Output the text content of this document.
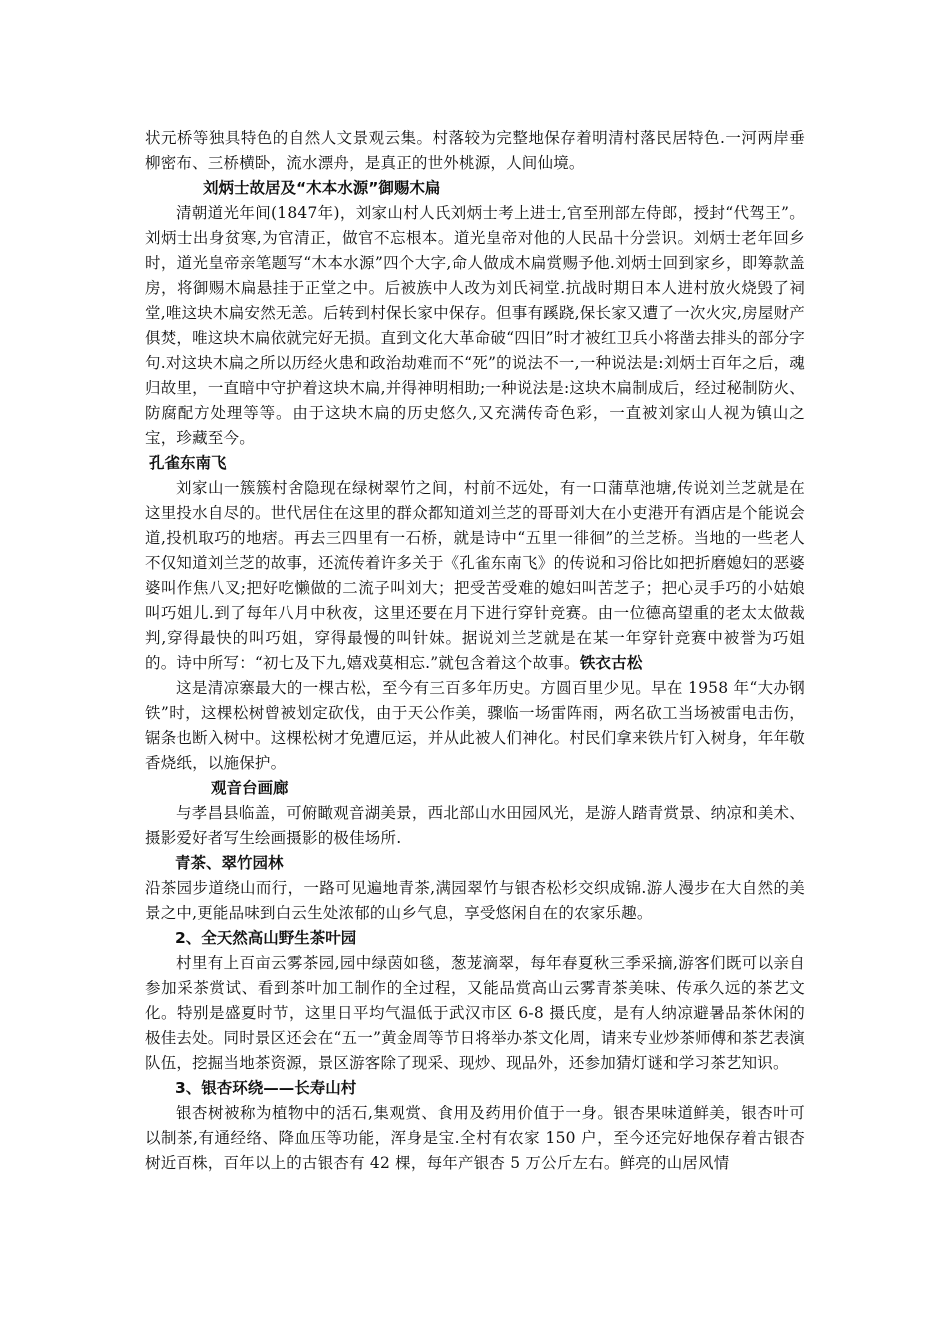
状元桥等独具特色的自然人文景观云集。村落较为完整地保存着明清村落民居特色.一河两岸垂柳密布、三桥横卧，流水漂舟，是真正的世外桃源，人间仙境。

刘炳士故居及“木本水源”御赐木扁

清朝道光年间(1847年)，刘家山村人氏刘炳士考上进士,官至刑部左侍郎，授封“代驾王”。刘炳士出身贫寒,为官清正，做官不忘根本。道光皇帝对他的人民品十分尝识。刘炳士老年回乡时，道光皇帝亲笔题写“木本水源”四个大字,命人做成木扁赏赐予他.刘炳士回到家乡，即筹款盖房，将御赐木扁悬挂于正堂之中。后被族中人改为刘氏祠堂.抗战时期日本人进村放火烧毁了祠堂,唯这块木扁安然无恙。后转到村保长家中保存。但事有蹊跷,保长家又遭了一次火灾,房屋财产俱焚，唯这块木扁依就完好无损。直到文化大革命破“四旧”时才被红卫兵小将凿去排头的部分字句.对这块木扁之所以历经火患和政治劫难而不“死”的说法不一,一种说法是:刘炳士百年之后，魂归故里，一直暗中守护着这块木扁,并得神明相助;一种说法是:这块木扁制成后，经过秘制防火、防腐配方处理等等。由于这块木扁的历史悠久,又充满传奇色彩，一直被刘家山人视为镇山之宝，珍藏至今。

孔雀东南飞

刘家山一簇簇村舍隐现在绿树翠竹之间，村前不远处，有一口蒲草池塘,传说刘兰芝就是在这里投水自尽的。世代居住在这里的群众都知道刘兰芝的哥哥刘大在小吏港开有酒店是个能说会道,投机取巧的地痞。再去三四里有一石桥，就是诗中“五里一徘徊”的兰芝桥。当地的一些老人不仅知道刘兰芝的故事，还流传着许多关于《孔雀东南飞》的传说和习俗比如把折磨媳妇的恶婆婆叫作焦八叉;把好吃懒做的二流子叫刘大；把受苦受难的媳妇叫苦芝子；把心灵手巧的小姑娘叫巧姐儿.到了每年八月中秋夜，这里还要在月下进行穿针竞赛。由一位德高望重的老太太做裁判,穿得最快的叫巧姐，穿得最慢的叫针妹。据说刘兰芝就是在某一年穿针竞赛中被誉为巧姐的。诗中所写：“初七及下九,嬉戏莫相忘.”就包含着这个故事。铁衣古松

这是清凉寨最大的一棵古松，至今有三百多年历史。方圆百里少见。早在 1958 年“大办钢铁”时，这棵松树曾被划定砍伐，由于天公作美，骤临一场雷阵雨，两名砍工当场被雷电击伤，锯条也断入树中。这棵松树才免遭厄运，并从此被人们神化。村民们拿来铁片钉入树身，年年敬香烧纸，以施保护。

观音台画廊

与孝昌县临盖，可俯瞰观音湖美景，西北部山水田园风光，是游人踏青赏景、纳凉和美术、摄影爱好者写生绘画摄影的极佳场所.

青茶、翠竹园林

沿茶园步道绕山而行，一路可见遍地青茶,满园翠竹与银杏松杉交织成锦.游人漫步在大自然的美景之中,更能品味到白云生处浓郁的山乡气息，享受悠闲自在的农家乐趣。

2、全天然高山野生茶叶园

村里有上百亩云雾茶园,园中绿茵如毯，葱茏滴翠，每年春夏秋三季采摘,游客们既可以亲自参加采茶赏试、看到茶叶加工制作的全过程，又能品赏高山云雾青茶美味、传承久远的茶艺文化。特别是盛夏时节，这里日平均气温低于武汉市区 6-8 摄氏度，是有人纳凉避暑品茶休闲的极佳去处。同时景区还会在“五一”黄金周等节日将举办茶文化周，请来专业炒茶师傅和茶艺表演队伍，挖掘当地茶资源，景区游客除了现采、现炒、现品外，还参加猜灯谜和学习茶艺知识。

3、银杏环绕——长寿山村

银杏树被称为植物中的活石,集观赏、食用及药用价值于一身。银杏果味道鲜美，银杏叶可以制茶,有通经络、降血压等功能，浑身是宝.全村有农家 150 户，至今还完好地保存着古银杏树近百株，百年以上的古银杏有 42 棵，每年产银杏 5 万公斤左右。鲜亮的山居风情
